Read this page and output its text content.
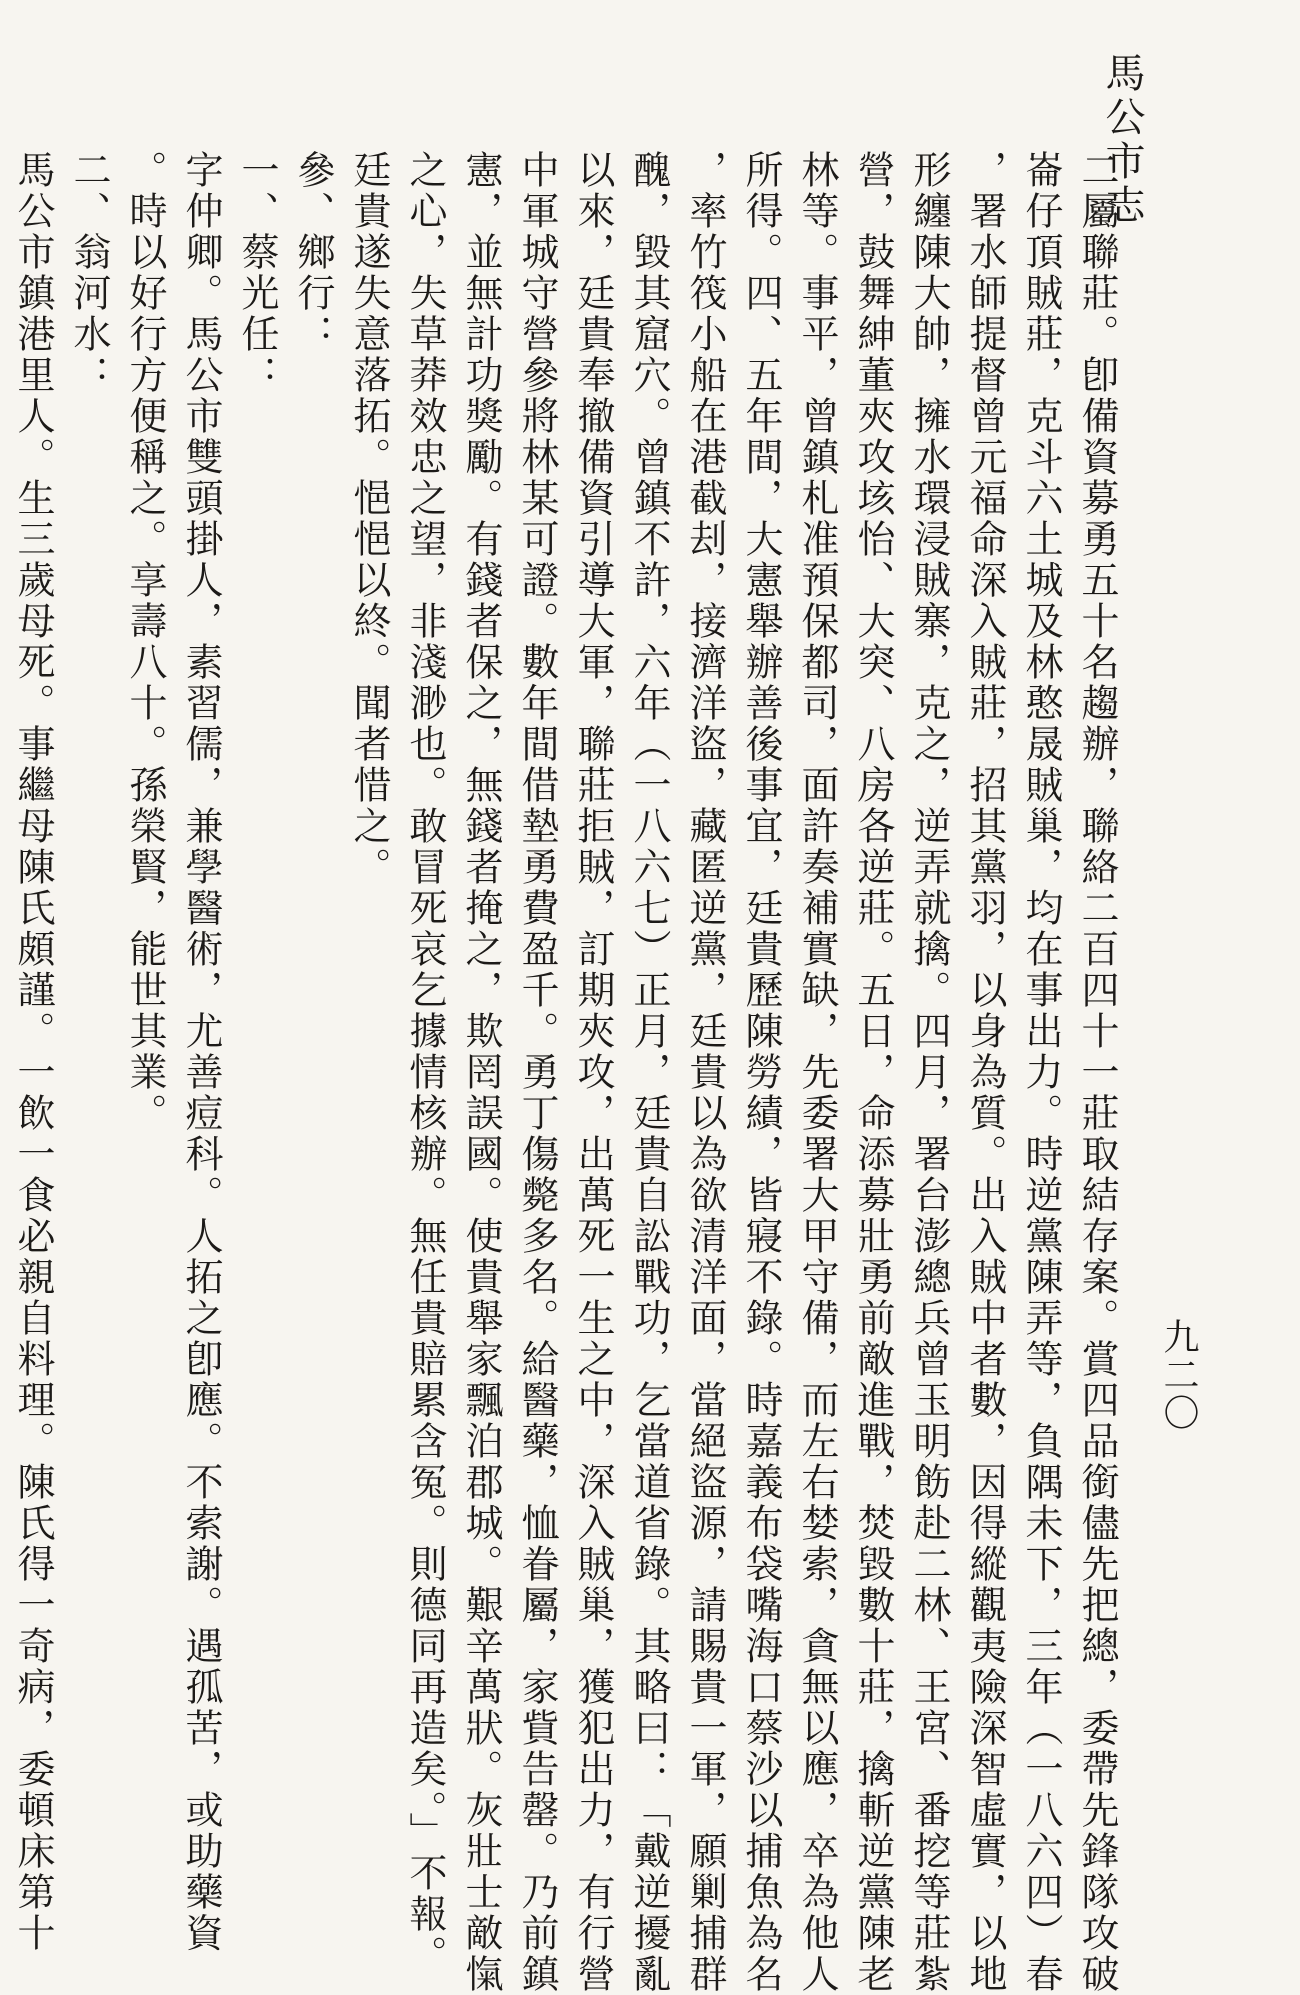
馬公市志
九二〇
二屬聯莊。卽備資募勇五十名趨辦，聯絡二百四十一莊取結存案。賞四品銜儘先把總，委帶先鋒隊攻破
崙仔頂賊莊，克斗六土城及林憨晟賊巢，均在事出力。時逆黨陳弄等，負隅未下，三年（一八六四）春
，署水師提督曾元福命深入賊莊，招其黨羽，以身為質。出入賊中者數，因得縱觀夷險深智虛實，以地
形纏陳大帥，擁水環浸賊寨，克之，逆弄就擒。四月，署台澎總兵曾玉明飭赴二林、王宮、番挖等莊紮
營，鼓舞紳董夾攻垓怡、大突、八房各逆莊。五日，命添募壯勇前敵進戰，焚毀數十莊，擒斬逆黨陳老
林等。事平，曾鎮札准預保都司，面許奏補實缺，先委署大甲守備，而左右婪索，貪無以應，卒為他人
所得。四、五年間，大憲舉辦善後事宜，廷貴歷陳勞績，皆寢不錄。時嘉義布袋嘴海口蔡沙以捕魚為名
，率竹筏小船在港截刦，接濟洋盜，藏匿逆黨，廷貴以為欲清洋面，當絕盜源，請賜貴一軍，願剿捕群
醜，毀其窟穴。曾鎮不許，六年（一八六七）正月，廷貴自訟戰功，乞當道省錄。其略曰：「戴逆擾亂
以來，廷貴奉撤備資引導大軍，聯莊拒賊，訂期夾攻，出萬死一生之中，深入賊巢，獲犯出力，有行營
中軍城守營參將林某可證。數年間借墊勇費盈千。勇丁傷斃多名。給醫藥，恤眷屬，家貲告罄。乃前鎮
憲，並無計功獎勵。有錢者保之，無錢者掩之，欺罔誤國。使貴舉家飄泊郡城。艱辛萬狀。灰壯士敵愾
之心，失草莽效忠之望，非淺渺也。敢冒死哀乞據情核辦。無任貴賠累含冤。則德同再造矣。」不報。
廷貴遂失意落拓。悒悒以終。聞者惜之。
參、鄉行：
一、蔡光任：
字仲卿。馬公市雙頭掛人，素習儒，兼學醫術，尤善痘科。人拓之卽應。不索謝。遇孤苦，或助藥資
。時以好行方便稱之。享壽八十。孫榮賢，能世其業。
二、翁河水：
馬公市鎮港里人。生三歲母死。事繼母陳氏頗謹。一飲一食必親自料理。陳氏得一奇病，委頓床第十
